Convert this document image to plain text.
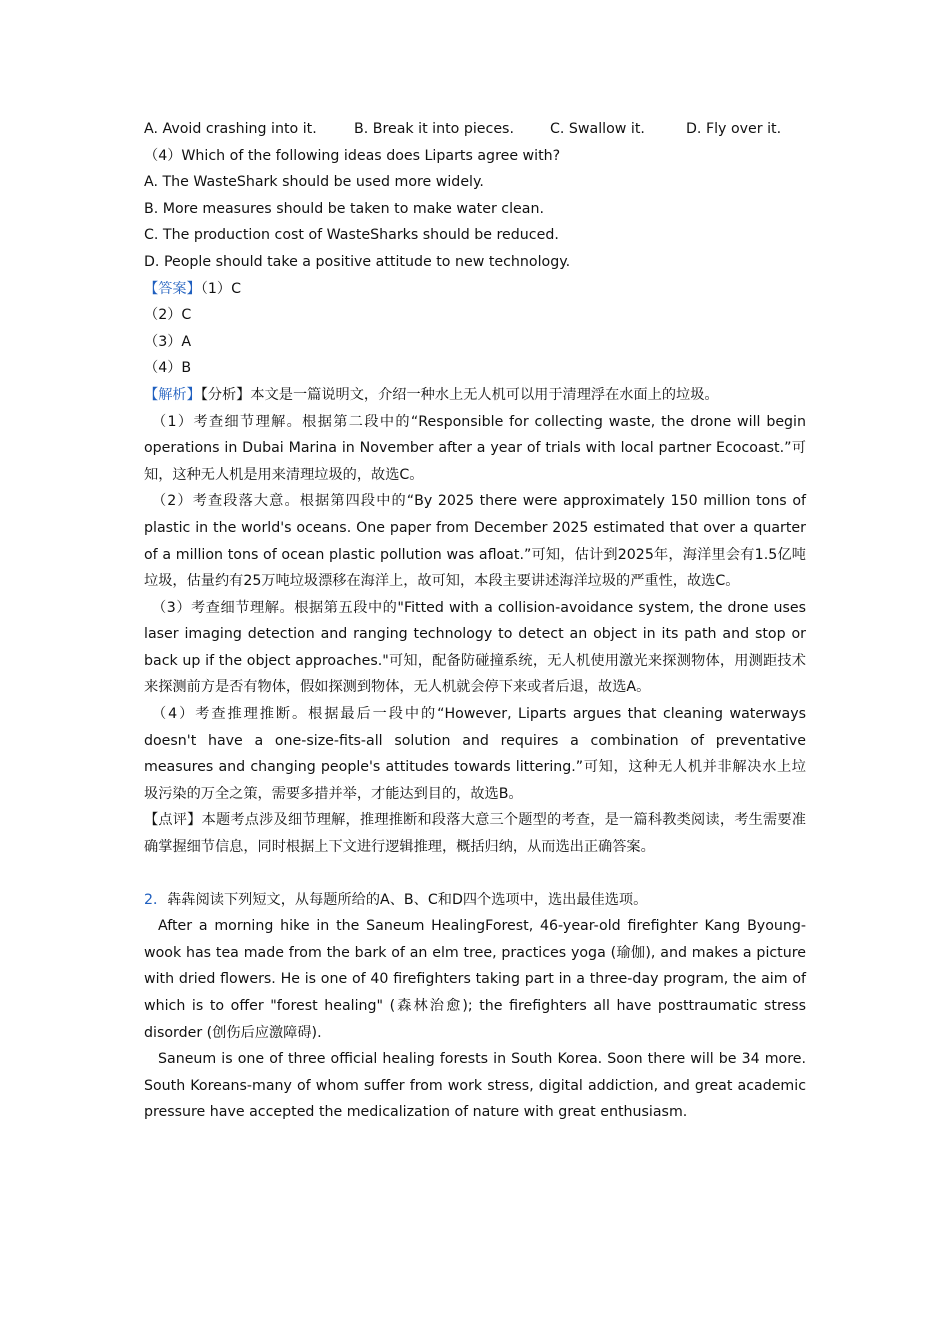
A. Avoid crashing into it.	B. Break it into pieces.	C. Swallow it.	D. Fly over it.
（4）Which of the following ideas does Liparts agree with?
A. The WasteShark should be used more widely.
B. More measures should be taken to make water clean.
C. The production cost of WasteSharks should be reduced.
D. People should take a positive attitude to new technology.
【答案】（1）C
（2）C
（3）A
（4）B
【解析】【分析】本文是一篇说明文，介绍一种水上无人机可以用于清理浮在水面上的垃圾。
（1）考查细节理解。根据第二段中的“Responsible for collecting waste, the drone will begin operations in Dubai Marina in November after a year of trials with local partner Ecocoast.”可知，这种无人机是用来清理垃圾的，故选C。
（2）考查段落大意。根据第四段中的“By 2025 there were approximately 150 million tons of plastic in the world's oceans. One paper from December 2025 estimated that over a quarter of a million tons of ocean plastic pollution was afloat.”可知，估计到2025年，海洋里会有1.5亿吨垃圾，估量约有25万吨垃圾漂移在海洋上，故可知，本段主要讲述海洋垃圾的严重性，故选C。
（3）考查细节理解。根据第五段中的"Fitted with a collision-avoidance system, the drone uses laser imaging detection and ranging technology to detect an object in its path and stop or back up if the object approaches."可知，配备防碰撞系统，无人机使用激光来探测物体，用测距技术来探测前方是否有物体，假如探测到物体，无人机就会停下来或者后退，故选A。
（4）考查推理推断。根据最后一段中的“However, Liparts argues that cleaning waterways doesn't have a one-size-fits-all solution and requires a combination of preventative measures and changing people's attitudes towards littering.”可知，这种无人机并非解决水上垃圾污染的万全之策，需要多措并举，才能达到目的，故选B。
【点评】本题考点涉及细节理解，推理推断和段落大意三个题型的考查，是一篇科教类阅读，考生需要准确掌握细节信息，同时根据上下文进行逻辑推理，概括归纳，从而选出正确答案。
2．犇犇阅读下列短文，从每题所给的A、B、C和D四个选项中，选出最佳选项。
After a morning hike in the Saneum HealingForest, 46-year-old firefighter Kang Byoung-wook has tea made from the bark of an elm tree, practices yoga (瑜伽), and makes a picture with dried flowers. He is one of 40 firefighters taking part in a three-day program, the aim of which is to offer "forest healing" (森林治愈); the firefighters all have posttraumatic stress disorder (创伤后应激障碍).
Saneum is one of three official healing forests in South Korea. Soon there will be 34 more. South Koreans-many of whom suffer from work stress, digital addiction, and great academic pressure have accepted the medicalization of nature with great enthusiasm.
